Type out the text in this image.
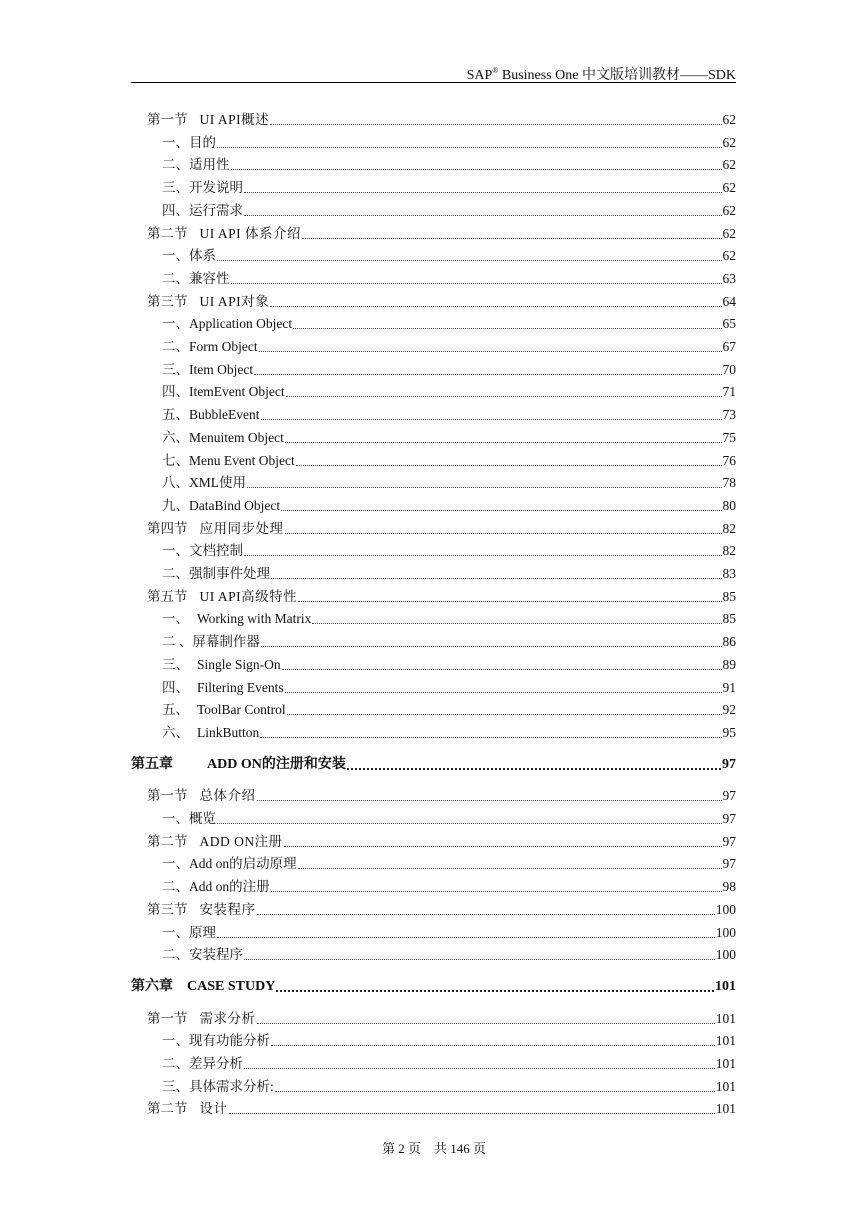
SAP® Business One 中文版培训教材——SDK
第一节 UI API概述	62
一、 目的	62
二、 适用性	62
三、 开发说明	62
四、 运行需求	62
第二节 UI API 体系介绍	62
一、 体系	62
二、 兼容性	63
第三节 UI API对象	64
一、 Application Object	65
二、 Form Object	67
三、 Item Object	70
四、 ItemEvent Object	71
五、 BubbleEvent	73
六、 Menuitem Object	75
七、 Menu Event Object	76
八、 XML使用	78
九、 DataBind Object	80
第四节 应用同步处理	82
一、 文档控制	82
二、 强制事件处理	83
第五节 UI API高级特性	85
一、 Working with Matrix	85
二 、 屏幕制作器	86
三、 Single Sign-On	89
四、 Filtering Events	91
五、 ToolBar Control	92
六、 LinkButton	95
第五章	ADD ON的注册和安装	97
第一节 总体介绍	97
一、 概览	97
第二节 ADD ON注册	97
一、 Add on的启动原理	97
二、 Add on的注册	98
第三节 安装程序	100
一、 原理	100
二、 安装程序	100
第六章 CASE STUDY	101
第一节 需求分析	101
一、 现有功能分析	101
二、 差异分析	101
三、 具体需求分析:	101
第二节 设计	101
第 2 页　共 146 页
